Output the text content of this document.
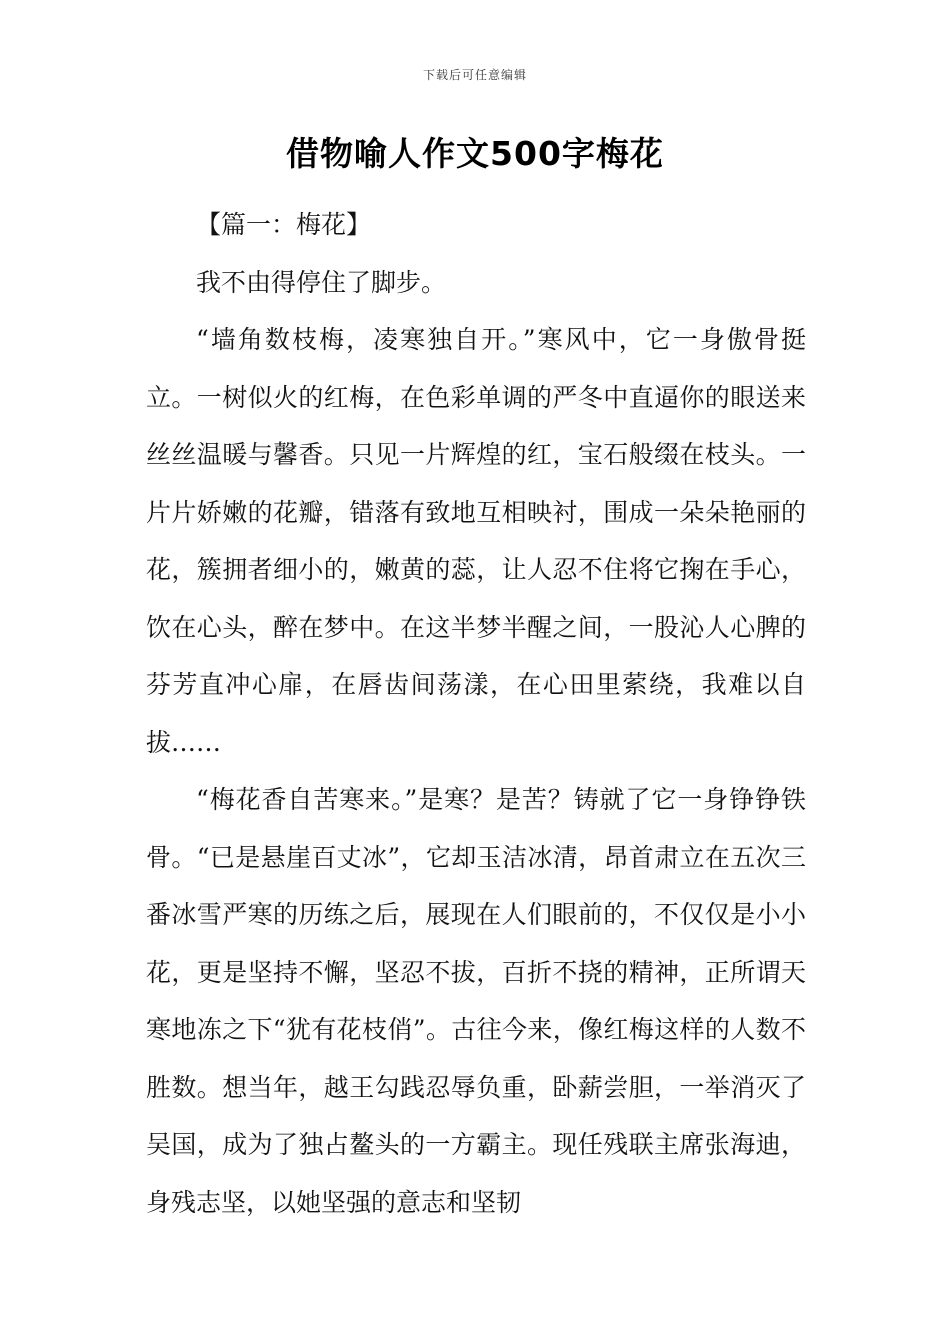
下载后可任意编辑
借物喻人作文500字梅花

【篇一：梅花】

我不由得停住了脚步。

“墙角数枝梅，凌寒独自开。”寒风中，它一身傲骨挺立。一树似火的红梅，在色彩单调的严冬中直逼你的眼送来丝丝温暖与馨香。只见一片辉煌的红，宝石般缀在枝头。一片片娇嫩的花瓣，错落有致地互相映衬，围成一朵朵艳丽的花，簇拥者细小的，嫩黄的蕊，让人忍不住将它掬在手心，饮在心头，醉在梦中。在这半梦半醒之间，一股沁人心脾的芬芳直冲心扉，在唇齿间荡漾，在心田里萦绕，我难以自拔……

“梅花香自苦寒来。”是寒？是苦？铸就了它一身铮铮铁骨。“已是悬崖百丈冰”，它却玉洁冰清，昂首肃立在五次三番冰雪严寒的历练之后，展现在人们眼前的，不仅仅是小小花，更是坚持不懈，坚忍不拔，百折不挠的精神，正所谓天寒地冻之下“犹有花枝俏”。古往今来，像红梅这样的人数不胜数。想当年，越王勾践忍辱负重，卧薪尝胆，一举消灭了吴国，成为了独占鳌头的一方霸主。现任残联主席张海迪，身残志坚，以她坚强的意志和坚韧
